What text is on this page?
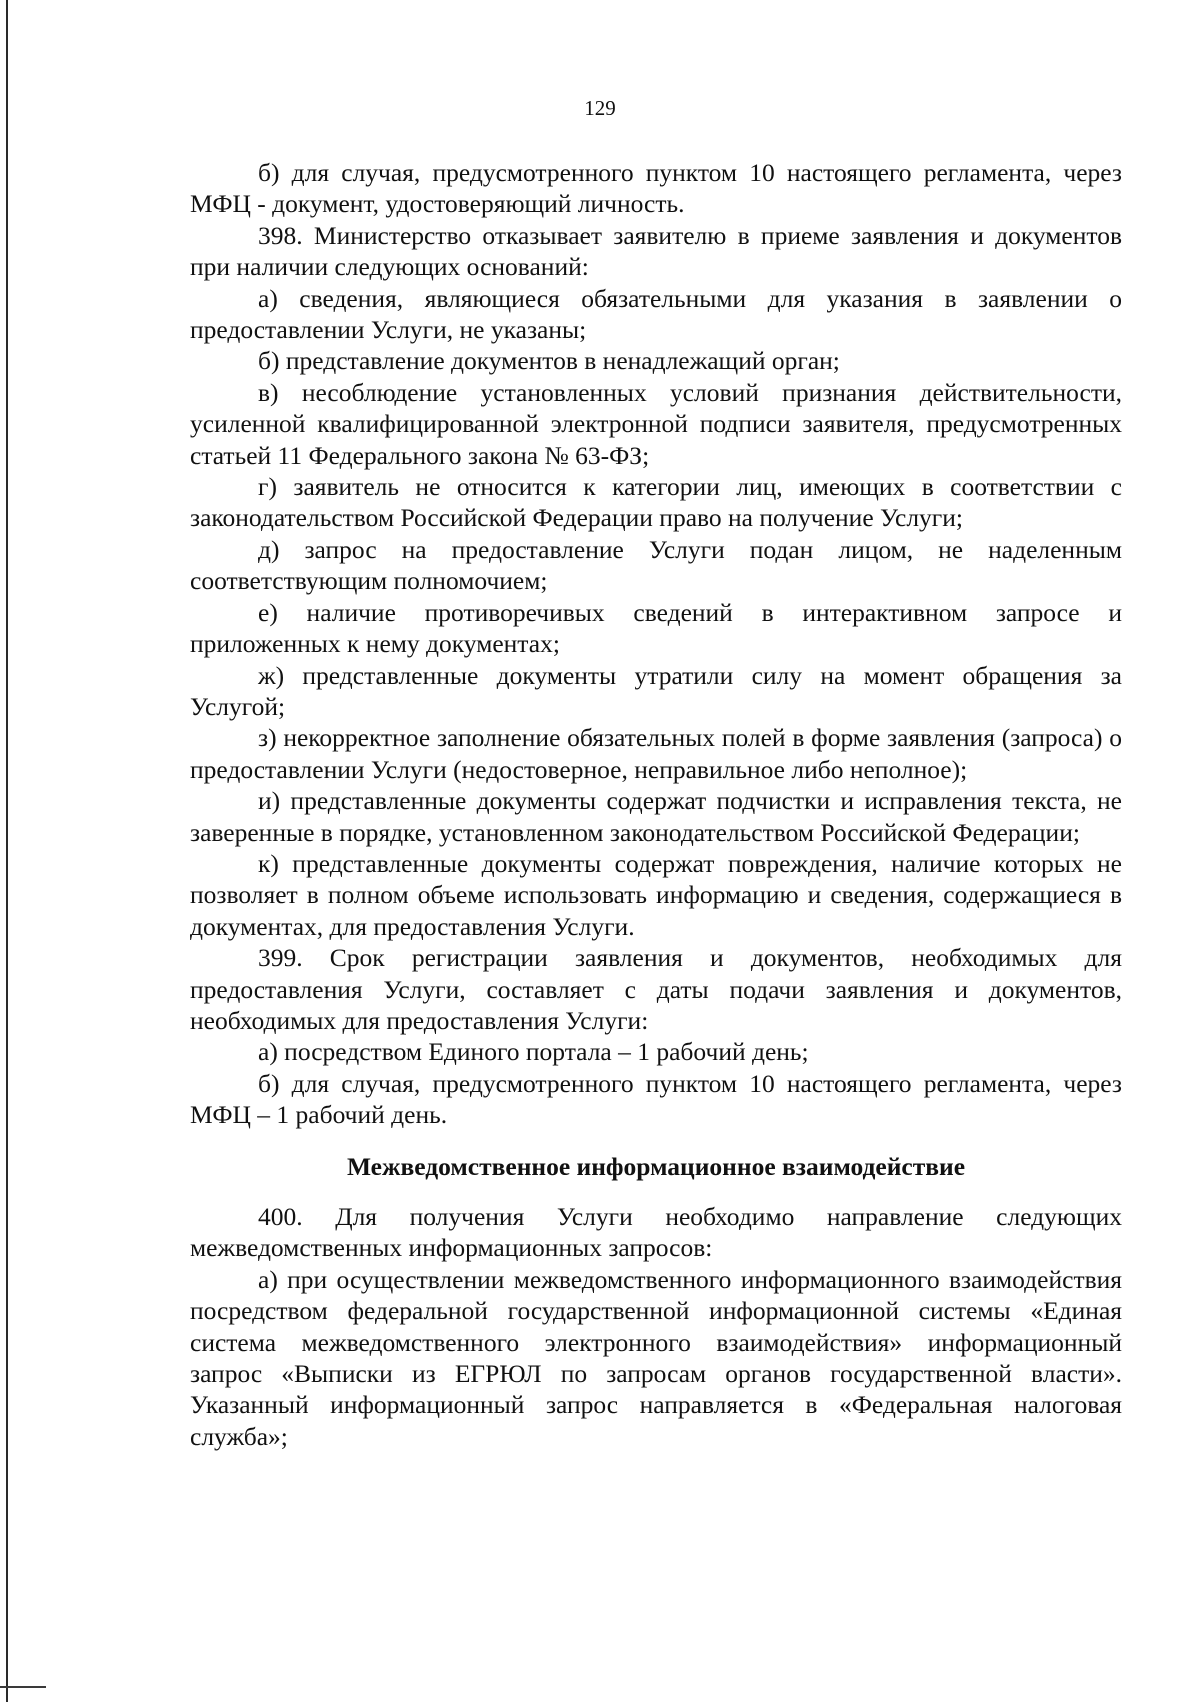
129

б) для случая, предусмотренного пунктом 10 настоящего регламента, через МФЦ - документ, удостоверяющий личность.

398. Министерство отказывает заявителю в приеме заявления и документов при наличии следующих оснований:

а) сведения, являющиеся обязательными для указания в заявлении о предоставлении Услуги, не указаны;

б) представление документов в ненадлежащий орган;

в) несоблюдение установленных условий признания действительности, усиленной квалифицированной электронной подписи заявителя, предусмотренных статьей 11 Федерального закона № 63-ФЗ;

г) заявитель не относится к категории лиц, имеющих в соответствии с законодательством Российской Федерации право на получение Услуги;

д) запрос на предоставление Услуги подан лицом, не наделенным соответствующим полномочием;

е) наличие противоречивых сведений в интерактивном запросе и приложенных к нему документах;

ж) представленные документы утратили силу на момент обращения за Услугой;

з) некорректное заполнение обязательных полей в форме заявления (запроса) о предоставлении Услуги (недостоверное, неправильное либо неполное);

и) представленные документы содержат подчистки и исправления текста, не заверенные в порядке, установленном законодательством Российской Федерации;

к) представленные документы содержат повреждения, наличие которых не позволяет в полном объеме использовать информацию и сведения, содержащиеся в документах, для предоставления Услуги.

399. Срок регистрации заявления и документов, необходимых для предоставления Услуги, составляет с даты подачи заявления и документов, необходимых для предоставления Услуги:

а) посредством Единого портала – 1 рабочий день;

б) для случая, предусмотренного пунктом 10 настоящего регламента, через МФЦ – 1 рабочий день.

Межведомственное информационное взаимодействие

400. Для получения Услуги необходимо направление следующих межведомственных информационных запросов:

а) при осуществлении межведомственного информационного взаимодействия посредством федеральной государственной информационной системы «Единая система межведомственного электронного взаимодействия» информационный запрос «Выписки из ЕГРЮЛ по запросам органов государственной власти». Указанный информационный запрос направляется в «Федеральная налоговая служба»;
